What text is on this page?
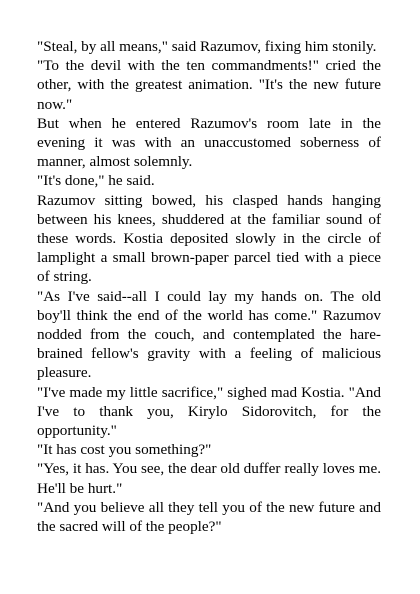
"Steal, by all means," said Razumov, fixing him stonily.

"To the devil with the ten commandments!" cried the other, with the greatest animation. "It's the new future now."

But when he entered Razumov's room late in the evening it was with an unaccustomed soberness of manner, almost solemnly.

"It's done," he said.

Razumov sitting bowed, his clasped hands hanging between his knees, shuddered at the familiar sound of these words. Kostia deposited slowly in the circle of lamplight a small brown-paper parcel tied with a piece of string.

"As I've said--all I could lay my hands on. The old boy'll think the end of the world has come." Razumov nodded from the couch, and contemplated the hare-brained fellow's gravity with a feeling of malicious pleasure.

"I've made my little sacrifice," sighed mad Kostia. "And I've to thank you, Kirylo Sidorovitch, for the opportunity."

"It has cost you something?"

"Yes, it has. You see, the dear old duffer really loves me. He'll be hurt."

"And you believe all they tell you of the new future and the sacred will of the people?"
